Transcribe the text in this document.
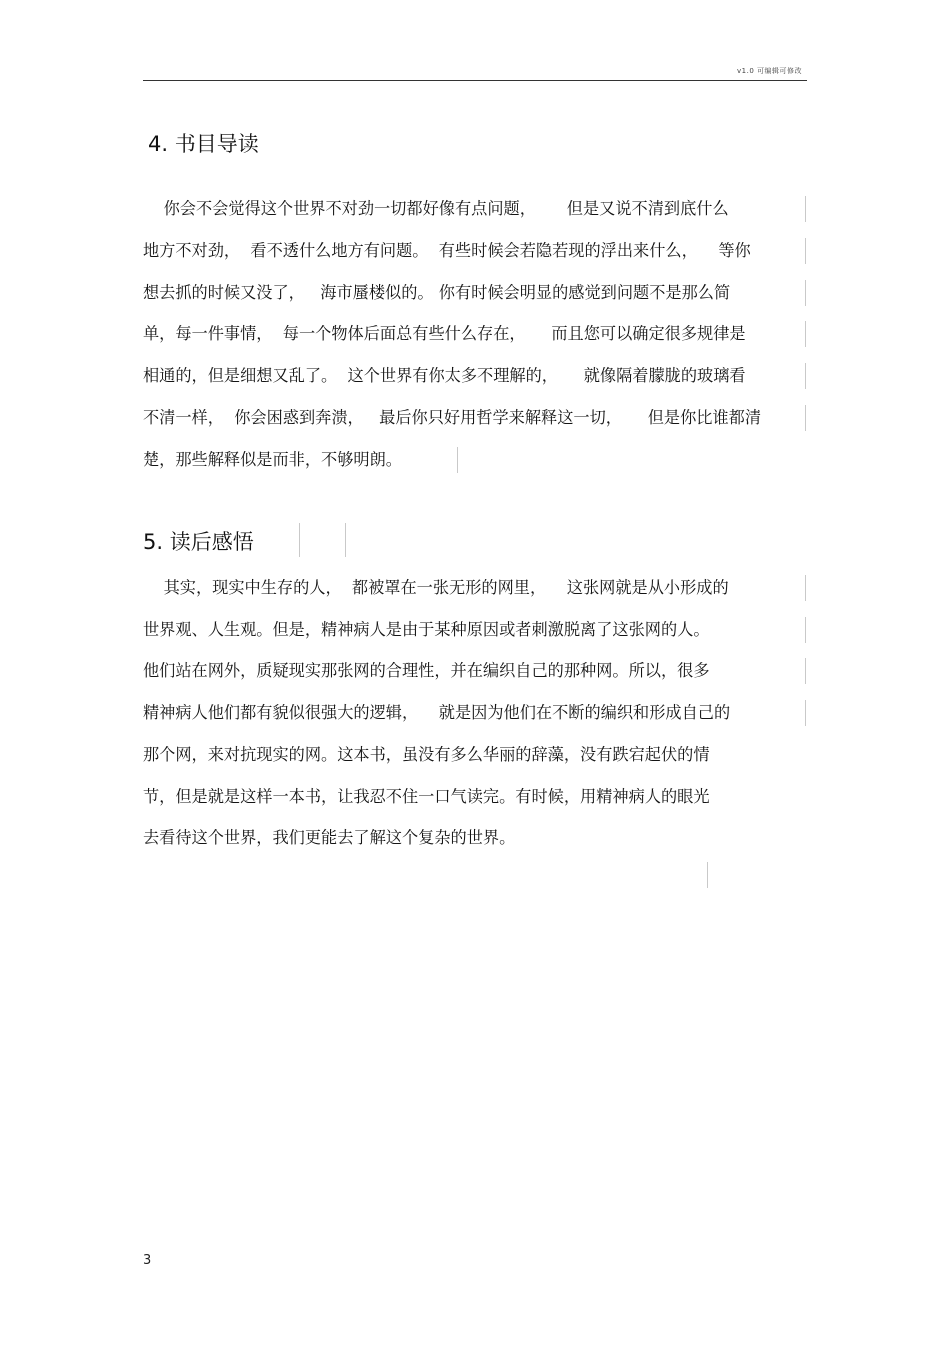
v1.0 可编辑可修改
4. 书目导读
你会不会觉得这个世界不对劲一切都好像有点问题，      但是又说不清到底什么
地方不对劲，  看不透什么地方有问题。  有些时候会若隐若现的浮出来什么，    等你
想去抓的时候又没了，   海市蜃楼似的。 你有时候会明显的感觉到问题不是那么简
单，每一件事情，  每一个物体后面总有些什么存在，     而且您可以确定很多规律是
相通的，但是细想又乱了。  这个世界有你太多不理解的，     就像隔着朦胧的玻璃看
不清一样，  你会困惑到奔溃，   最后你只好用哲学来解释这一切，     但是你比谁都清
楚，那些解释似是而非，不够明朗。
5. 读后感悟
其实，现实中生存的人，  都被罩在一张无形的网里，    这张网就是从小形成的
世界观、人生观。但是，精神病人是由于某种原因或者刺激脱离了这张网的人。
他们站在网外，质疑现实那张网的合理性，并在编织自己的那种网。所以，很多
精神病人他们都有貌似很强大的逻辑，    就是因为他们在不断的编织和形成自己的
那个网，来对抗现实的网。这本书，虽没有多么华丽的辞藻，没有跌宕起伏的情
节，但是就是这样一本书，让我忍不住一口气读完。有时候，用精神病人的眼光
去看待这个世界，我们更能去了解这个复杂的世界。
3
